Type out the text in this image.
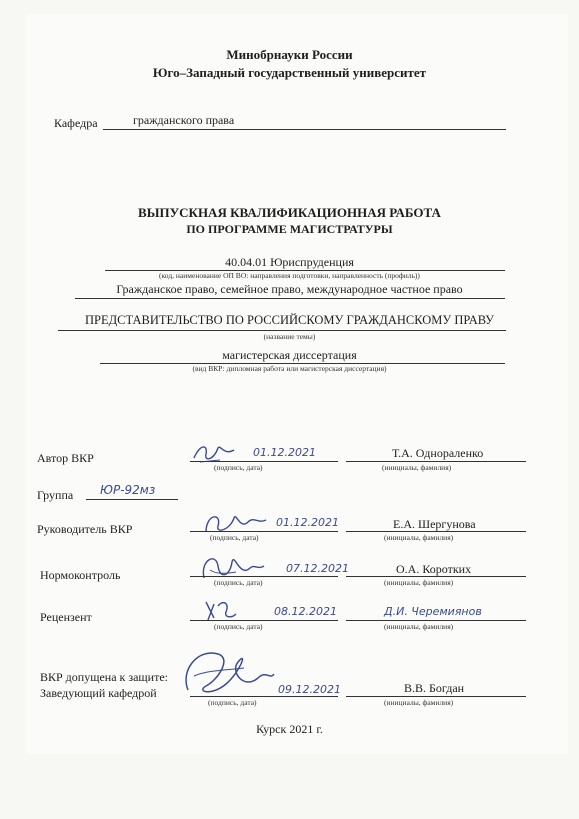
Минобрнауки России
Юго–Западный государственный университет
Кафедра	гражданского права
ВЫПУСКНАЯ КВАЛИФИКАЦИОННАЯ РАБОТА
ПО ПРОГРАММЕ МАГИСТРАТУРЫ
40.04.01 Юриспруденция
(код, наименование ОП ВО: направления подготовки, направленность (профиль))
Гражданское право, семейное право, международное частное право
ПРЕДСТАВИТЕЛЬСТВО ПО РОССИЙСКОМУ ГРАЖДАНСКОМУ ПРАВУ
(название темы)
магистерская диссертация
(вид ВКР: дипломная работа или магистерская диссертация)
Автор ВКР	01.12.2021
(подпись, дата)
Т.А. Однораленко
(инициалы, фамилия)
Группа ЮР-92мз
Руководитель ВКР	01.12.2021
(подпись, дата)
Е.А. Шергунова
(инициалы, фамилия)
Нормоконтроль	07.12.2021
(подпись, дата)
О.А. Коротких
(инициалы, фамилия)
Рецензент	08.12.2021
(подпись, дата)
Д.И. Черемиянов
(инициалы, фамилия)
ВКР допущена к защите:
Заведующий кафедрой	09.12.2021
(подпись, дата)
В.В. Богдан
(инициалы, фамилия)
Курск 2021 г.
